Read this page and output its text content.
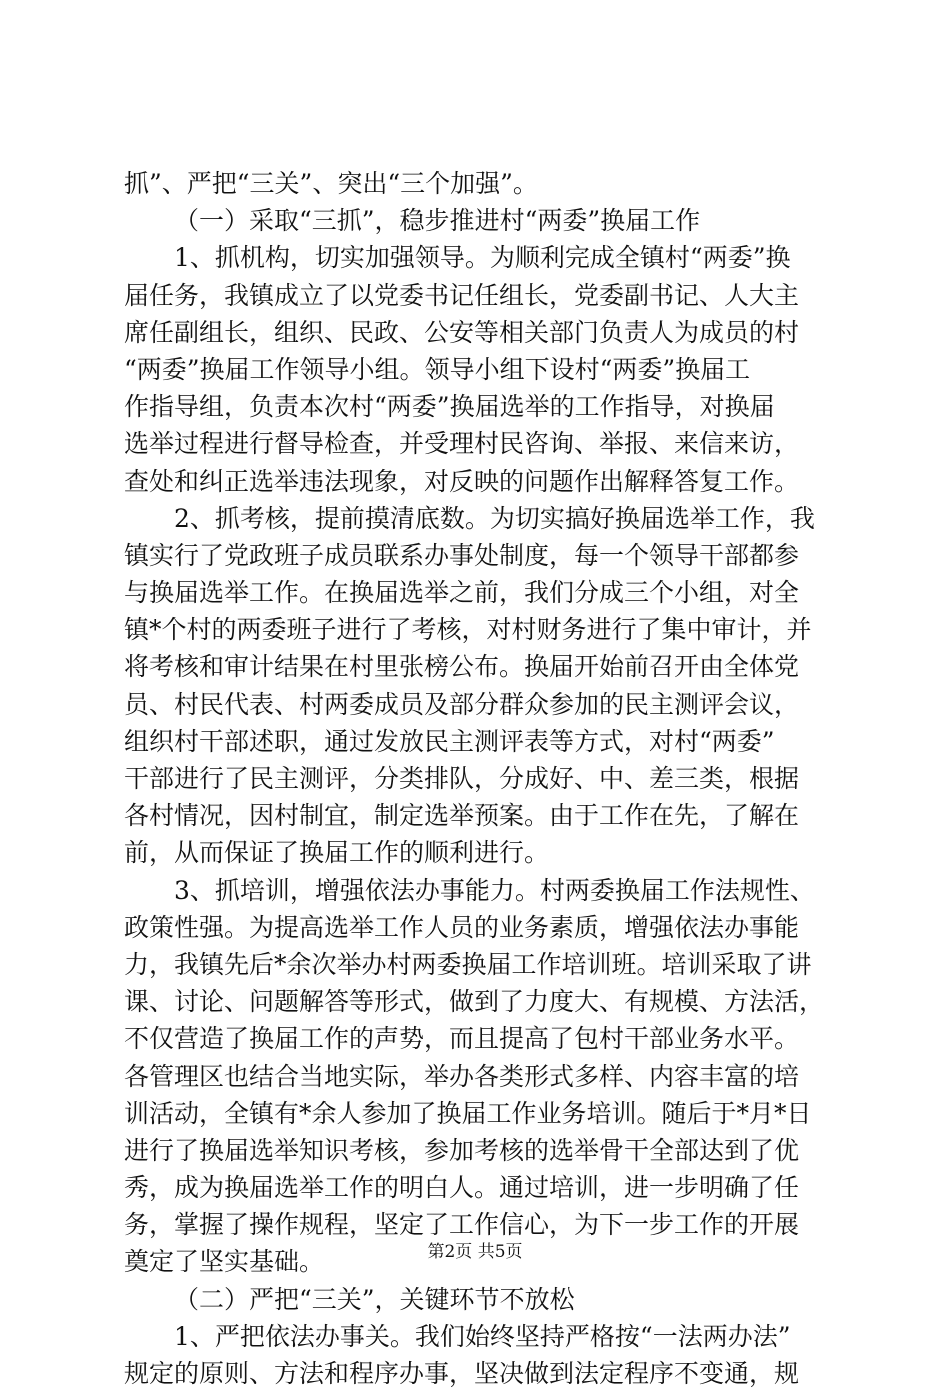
抓”、严把“三关”、突出“三个加强”。
（一）采取“三抓”，稳步推进村“两委”换届工作
1、抓机构，切实加强领导。为顺利完成全镇村“两委”换
届任务，我镇成立了以党委书记任组长，党委副书记、人大主
席任副组长，组织、民政、公安等相关部门负责人为成员的村
“两委”换届工作领导小组。领导小组下设村“两委”换届工
作指导组，负责本次村“两委”换届选举的工作指导，对换届
选举过程进行督导检查，并受理村民咨询、举报、来信来访，
查处和纠正选举违法现象，对反映的问题作出解释答复工作。
2、抓考核，提前摸清底数。为切实搞好换届选举工作，我
镇实行了党政班子成员联系办事处制度，每一个领导干部都参
与换届选举工作。在换届选举之前，我们分成三个小组，对全
镇*个村的两委班子进行了考核，对村财务进行了集中审计，并
将考核和审计结果在村里张榜公布。换届开始前召开由全体党
员、村民代表、村两委成员及部分群众参加的民主测评会议，
组织村干部述职，通过发放民主测评表等方式，对村“两委”
干部进行了民主测评，分类排队，分成好、中、差三类，根据
各村情况，因村制宜，制定选举预案。由于工作在先，了解在
前，从而保证了换届工作的顺利进行。
3、抓培训，增强依法办事能力。村两委换届工作法规性、
政策性强。为提高选举工作人员的业务素质，增强依法办事能
力，我镇先后*余次举办村两委换届工作培训班。培训采取了讲
课、讨论、问题解答等形式，做到了力度大、有规模、方法活，
不仅营造了换届工作的声势，而且提高了包村干部业务水平。
各管理区也结合当地实际，举办各类形式多样、内容丰富的培
训活动，全镇有*余人参加了换届工作业务培训。随后于*月*日
进行了换届选举知识考核，参加考核的选举骨干全部达到了优
秀，成为换届选举工作的明白人。通过培训，进一步明确了任
务，掌握了操作规程，坚定了工作信心，为下一步工作的开展
奠定了坚实基础。
（二）严把“三关”，关键环节不放松
1、严把依法办事关。我们始终坚持严格按“一法两办法”
规定的原则、方法和程序办事，坚决做到法定程序不变通，规
第2页 共5页
